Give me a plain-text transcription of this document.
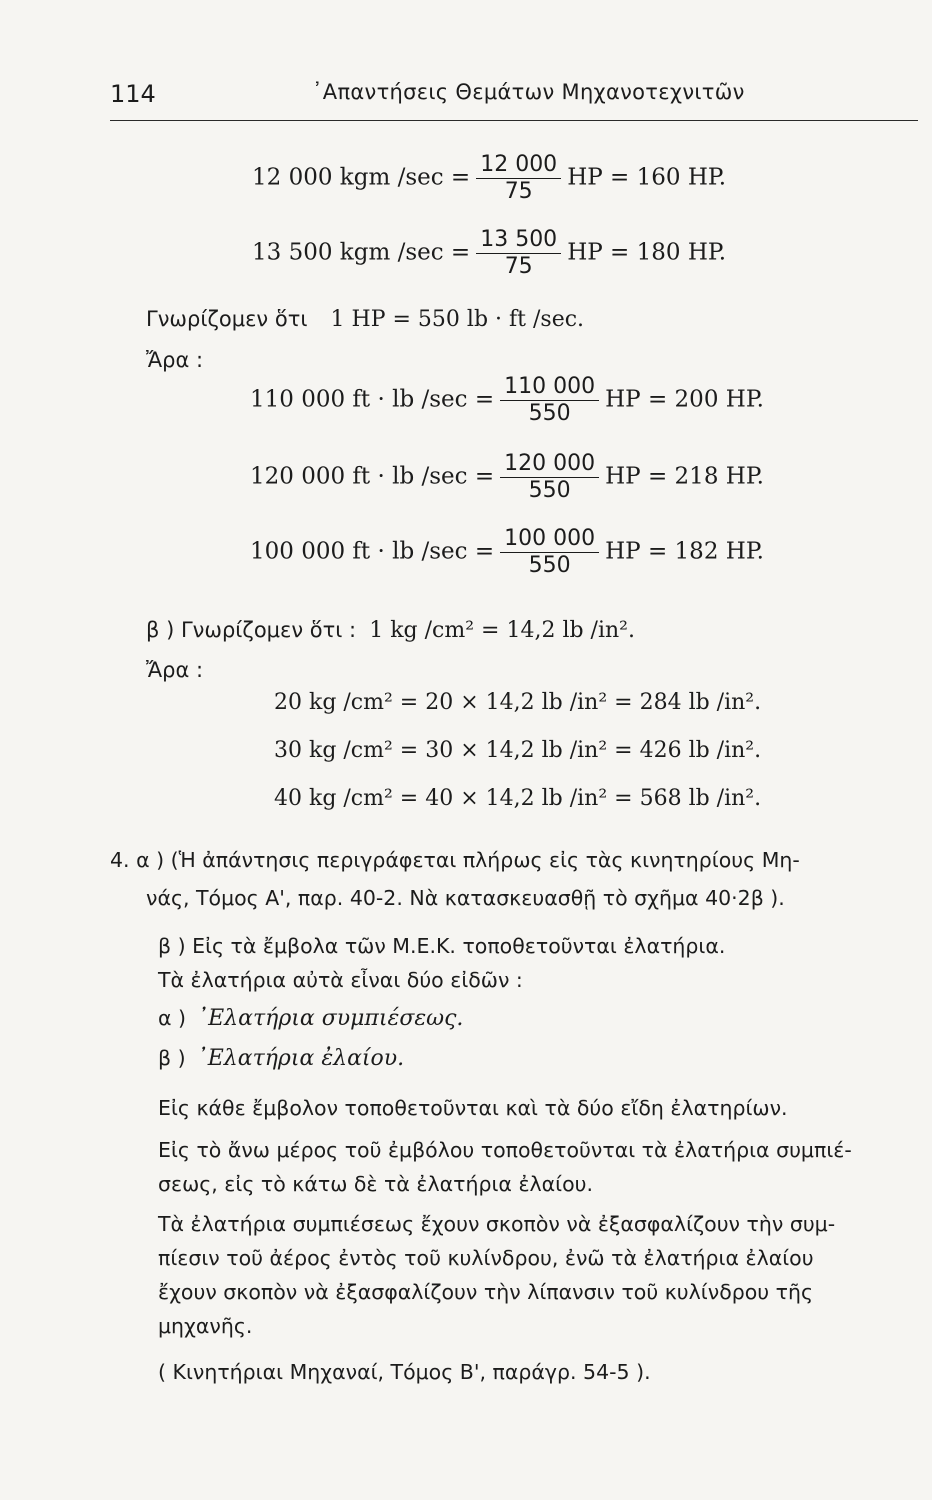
114	᾿Απαντήσεις Θεμάτων Μηχανοτεχνιτῶν
12 000 kgm $/\sec = \frac{12 000}{75}$ HP = 160 HP.
13 500 kgm $/\sec = \frac{13 500}{75}$ HP = 180 HP.
Γνωρίζομεν ὅτι 1 HP = 550 lb · ft /sec.
Ἄρα :
110 000 ft · lb $/\sec = \frac{110 000}{550}$ HP = 200 HP.
120 000 ft · lb $/\sec = \frac{120 000}{550}$ HP = 218 HP.
100 000 ft · lb $/\sec = \frac{100 000}{550}$ HP = 182 HP.
β ) Γνωρίζομεν ὅτι : 1 kg /cm² = 14,2 lb /in².
Ἄρα :
20 kg /cm² = 20 × 14,2 lb /in² = 284 lb /in².
30 kg /cm² = 30 × 14,2 lb /in² = 426 lb /in².
40 kg /cm² = 40 × 14,2 lb /in² = 568 lb /in².
4. α ) (Ἡ ἀπάντησις περιγράφεται πλήρως εἰς τὰς κινητηρίους Μη-
νάς, Τόμος Α', παρ. 40-2. Νὰ κατασκευασθῇ τὸ σχῆμα 40·2β ).
β ) Εἰς τὰ ἔμβολα τῶν Μ.Ε.Κ. τοποθετοῦνται ἐλατήρια.
Τὰ ἐλατήρια αὐτὰ εἶναι δύο εἰδῶν :
α ) ᾿Ελατήρια συμπιέσεως.
β ) ᾿Ελατήρια ἐλαίου.
Εἰς κάθε ἔμβολον τοποθετοῦνται καὶ τὰ δύο εἴδη ἐλατηρίων.
Εἰς τὸ ἄνω μέρος τοῦ ἐμβόλου τοποθετοῦνται τὰ ἐλατήρια συμπιέ-
σεως, εἰς τὸ κάτω δὲ τὰ ἐλατήρια ἐλαίου.
Τὰ ἐλατήρια συμπιέσεως ἔχουν σκοπὸν νὰ ἐξασφαλίζουν τὴν συμ-
πίεσιν τοῦ ἀέρος ἐντὸς τοῦ κυλίνδρου, ἐνῶ τὰ ἐλατήρια ἐλαίου
ἔχουν σκοπὸν νὰ ἐξασφαλίζουν τὴν λίπανσιν τοῦ κυλίνδρου τῆς
μηχανῆς.
( Κινητήριαι Μηχαναί, Τόμος Β', παράγρ. 54-5 ).
